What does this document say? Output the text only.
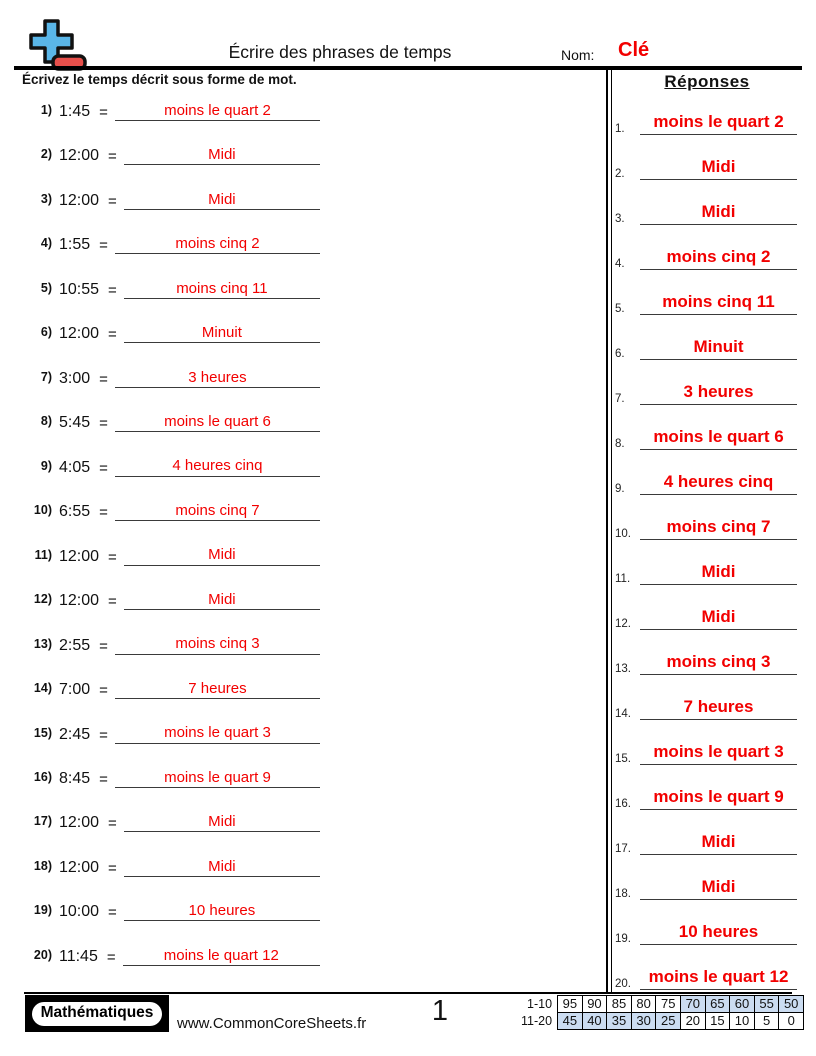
Écrire des phrases de temps	Nom: Clé
Écrivez le temps décrit sous forme de mot.	Réponses
1) 1:45 =	moins le quart 2
2) 12:00 =	Midi
3) 12:00 =	Midi
4) 1:55 =	moins cinq 2
5) 10:55 =	moins cinq 11
6) 12:00 =	Minuit
7) 3:00 =	3 heures
8) 5:45 =	moins le quart 6
9) 4:05 =	4 heures cinq
10) 6:55 =	moins cinq 7
11) 12:00 =	Midi
12) 12:00 =	Midi
13) 2:55 =	moins cinq 3
14) 7:00 =	7 heures
15) 2:45 =	moins le quart 3
16) 8:45 =	moins le quart 9
17) 12:00 =	Midi
18) 12:00 =	Midi
19) 10:00 =	10 heures
20) 11:45 =	moins le quart 12
1.	moins le quart 2
2.	Midi
3.	Midi
4.	moins cinq 2
5.	moins cinq 11
6.	Minuit
7.	3 heures
8.	moins le quart 6
9.	4 heures cinq
10.	moins cinq 7
11.	Midi
12.	Midi
13.	moins cinq 3
14.	7 heures
15.	moins le quart 3
16.	moins le quart 9
17.	Midi
18.	Midi
19.	10 heures
20.	moins le quart 12
Mathématiques
www.CommonCoreSheets.fr	1	1-10	95	90	85	80	75	70	65	60	55	50
11-20	45	40	35	30	25	20	15	10	5	0
